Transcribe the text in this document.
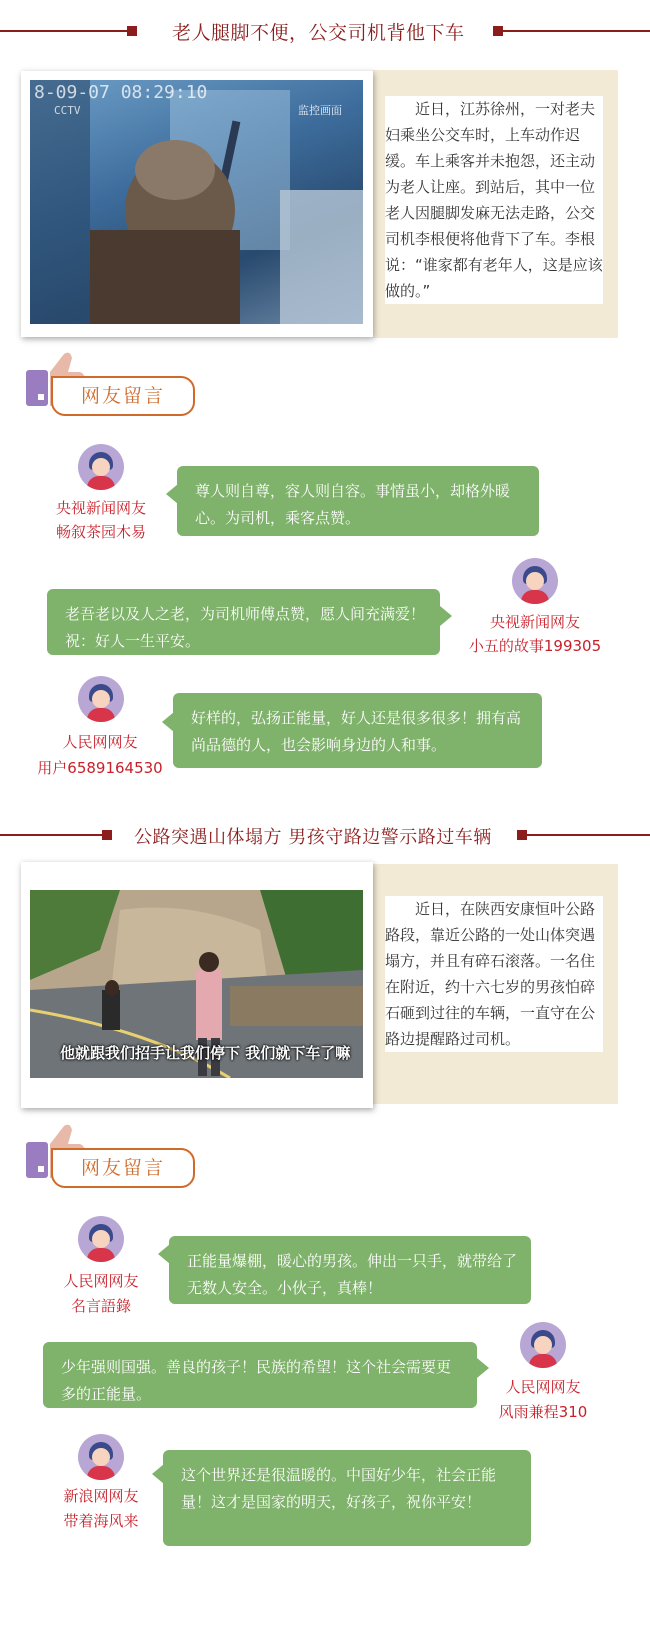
老人腿脚不便，公交司机背他下车
近日，江苏徐州，一对老夫妇乘坐公交车时，上车动作迟缓。车上乘客并未抱怨，还主动为老人让座。到站后，其中一位老人因腿脚发麻无法走路，公交司机李根便将他背下了车。李根说：“谁家都有老年人，这是应该做的。”
8-09-07 08:29:10
CCTV	监控画面
网友留言
央视新闻网友
畅叙茶园木易
尊人则自尊，容人则自容。事情虽小，却格外暖心。为司机，乘客点赞。
老吾老以及人之老，为司机师傅点赞，愿人间充满爱！祝：好人一生平安。
央视新闻网友
小五的故事199305
人民网网友
用户6589164530
好样的，弘扬正能量，好人还是很多很多！拥有高尚品德的人，也会影响身边的人和事。
公路突遇山体塌方 男孩守路边警示路过车辆
近日，在陕西安康恒叶公路路段，靠近公路的一处山体突遇塌方，并且有碎石滚落。一名住在附近，约十六七岁的男孩怕碎石砸到过往的车辆，一直守在公路边提醒路过司机。
他就跟我们招手让我们停下 我们就下车了嘛
网友留言
人民网网友
名言語錄
正能量爆棚，暖心的男孩。伸出一只手，就带给了无数人安全。小伙子，真棒！
少年强则国强。善良的孩子！民族的希望！这个社会需要更多的正能量。	人民网网友
风雨兼程310
新浪网网友
带着海风来
这个世界还是很温暖的。中国好少年，社会正能量！这才是国家的明天，好孩子，祝你平安！
